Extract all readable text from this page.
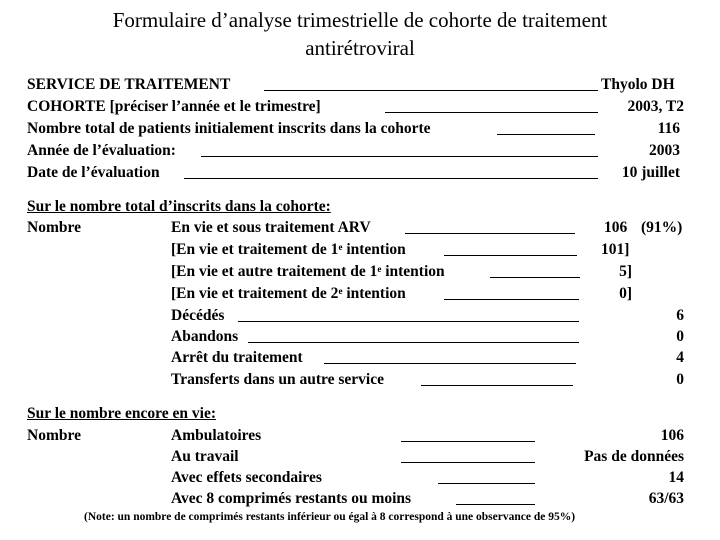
Formulaire d’analyse trimestrielle de cohorte de traitement
antirétroviral
SERVICE DE TRAITEMENT	Thyolo DH
COHORTE [préciser l’année et le trimestre]	2003, T2
Nombre total de patients initialement inscrits dans la cohorte	116
Année de l’évaluation:	2003
Date de l’évaluation	10 juillet
Sur le nombre total d’inscrits dans la cohorte:
Nombre	En vie et sous traitement ARV	106 (91%)
[En vie et traitement de 1e intention	101]
[En vie et autre traitement de 1e intention	5]
[En vie et traitement de 2e intention	0]
Décédés	6
Abandons	0
Arrêt du traitement	4
Transferts dans un autre service	0
Sur le nombre encore en vie:
Nombre	Ambulatoires	106
Au travail	Pas de données
Avec effets secondaires	14
Avec 8 comprimés restants ou moins	63/63
(Note: un nombre de comprimés restants inférieur ou égal à 8 correspond à une observance de 95%)
